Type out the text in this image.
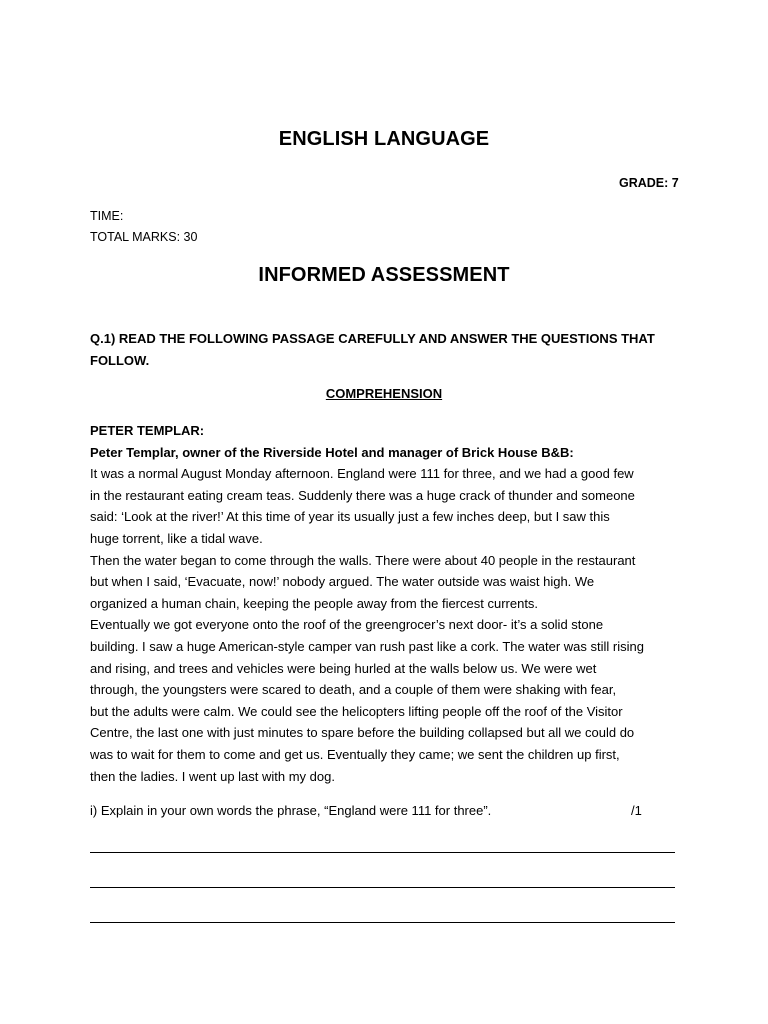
ENGLISH LANGUAGE
GRADE: 7
TIME:
TOTAL MARKS: 30
INFORMED ASSESSMENT
Q.1) READ THE FOLLOWING PASSAGE CAREFULLY AND ANSWER THE QUESTIONS THAT
FOLLOW.
COMPREHENSION
PETER TEMPLAR:
Peter Templar, owner of the Riverside Hotel and manager of Brick House B&B:
It was a normal August Monday afternoon. England were 111 for three, and we had a good few
in the restaurant eating cream teas. Suddenly there was a huge crack of thunder and someone
said: ‘Look at the river!’ At this time of year its usually just a few inches deep, but I saw this
huge torrent, like a tidal wave.
Then the water began to come through the walls. There were about 40 people in the restaurant
but when I said, ‘Evacuate, now!’ nobody argued. The water outside was waist high. We
organized a human chain, keeping the people away from the fiercest currents.
Eventually we got everyone onto the roof of the greengrocer’s next door- it’s a solid stone
building. I saw a huge American-style camper van rush past like a cork. The water was still rising
and rising, and trees and vehicles were being hurled at the walls below us. We were wet
through, the youngsters were scared to death, and a couple of them were shaking with fear,
but the adults were calm. We could see the helicopters lifting people off the roof of the Visitor
Centre, the last one with just minutes to spare before the building collapsed but all we could do
was to wait for them to come and get us. Eventually they came; we sent the children up first,
then the ladies. I went up last with my dog.
i) Explain in your own words the phrase, “England were 111 for three”.	/1
